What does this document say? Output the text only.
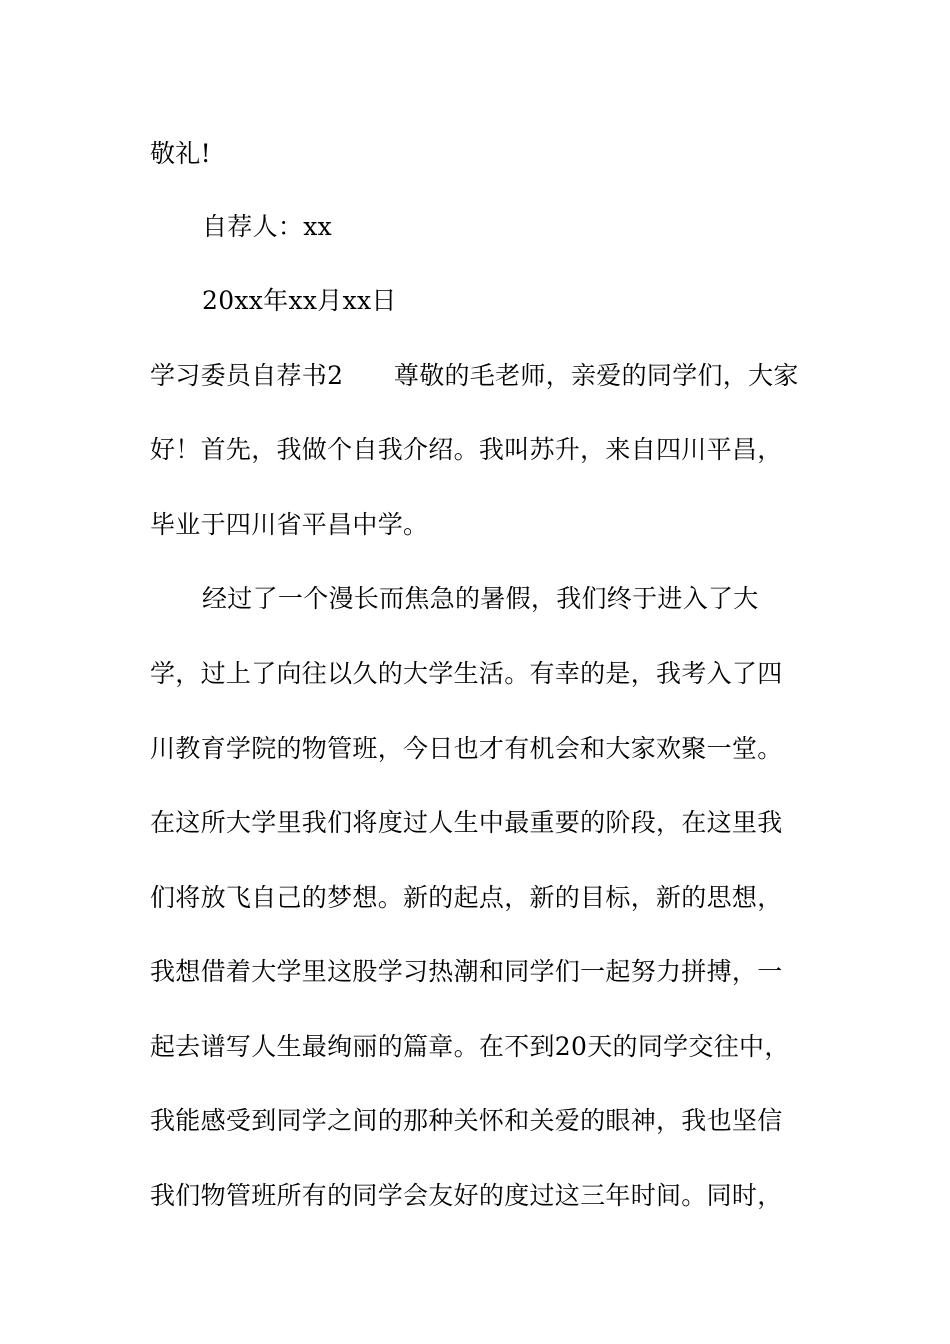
敬礼!
自荐人：xx
20xx年xx月xx日
学习委员自荐书2　　尊敬的毛老师，亲爱的同学们，大家
好！首先，我做个自我介绍。我叫苏升，来自四川平昌，
毕业于四川省平昌中学。
经过了一个漫长而焦急的暑假，我们终于进入了大
学，过上了向往以久的大学生活。有幸的是，我考入了四
川教育学院的物管班，今日也才有机会和大家欢聚一堂。
在这所大学里我们将度过人生中最重要的阶段，在这里我
们将放飞自己的梦想。新的起点，新的目标，新的思想，
我想借着大学里这股学习热潮和同学们一起努力拼搏，一
起去谱写人生最绚丽的篇章。在不到20天的同学交往中，
我能感受到同学之间的那种关怀和关爱的眼神，我也坚信
我们物管班所有的同学会友好的度过这三年时间。同时，
